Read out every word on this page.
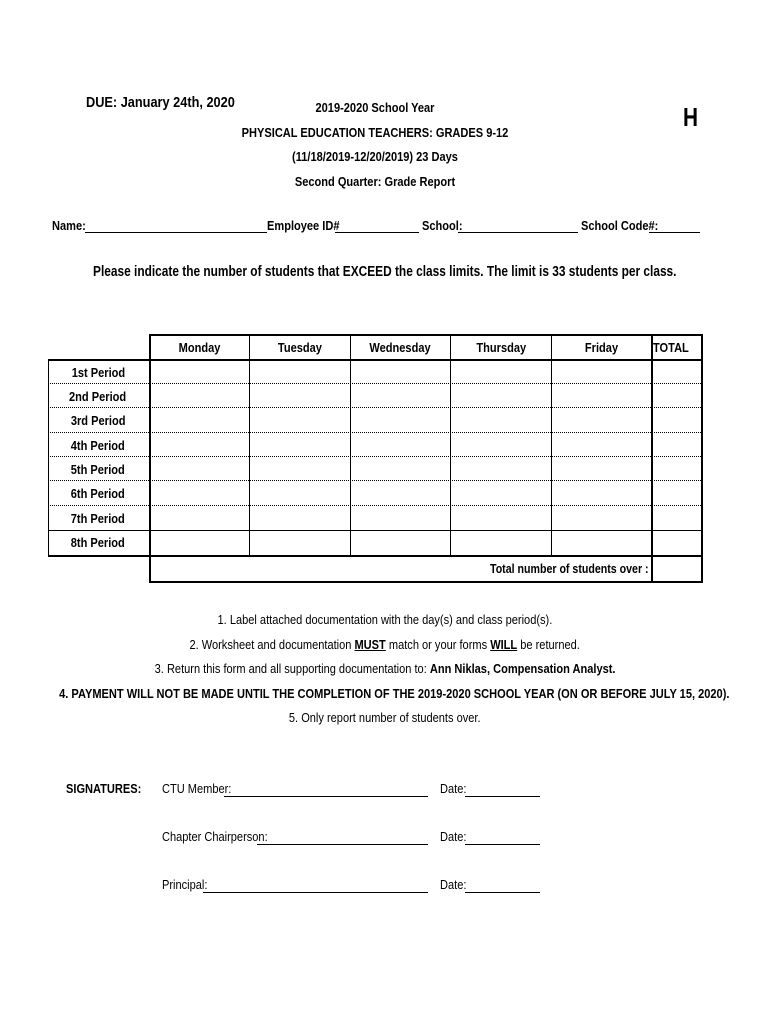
DUE: January 24th, 2020	2019-2020 School Year
PHYSICAL EDUCATION TEACHERS: GRADES 9-12
(11/18/2019-12/20/2019) 23 Days
Second Quarter: Grade Report
H
Name:	Employee ID#	School:	School Code#:
Please indicate the number of students that EXCEED the class limits. The limit is 33 students per class.
Monday	Tuesday	Wednesday	Thursday	Friday	TOTAL
1st Period
2nd Period
3rd Period
4th Period
5th Period
6th Period
7th Period
8th Period
Total number of students over :
1. Label attached documentation with the day(s) and class period(s).
2. Worksheet and documentation MUST match or your forms WILL be returned.
3. Return this form and all supporting documentation to: Ann Niklas, Compensation Analyst.
4. PAYMENT WILL NOT BE MADE UNTIL THE COMPLETION OF THE 2019-2020 SCHOOL YEAR (ON OR BEFORE JULY 15, 2020).
5. Only report number of students over.
SIGNATURES: CTU Member:	Date:
Chapter Chairperson:	Date:
Principal:	Date:
